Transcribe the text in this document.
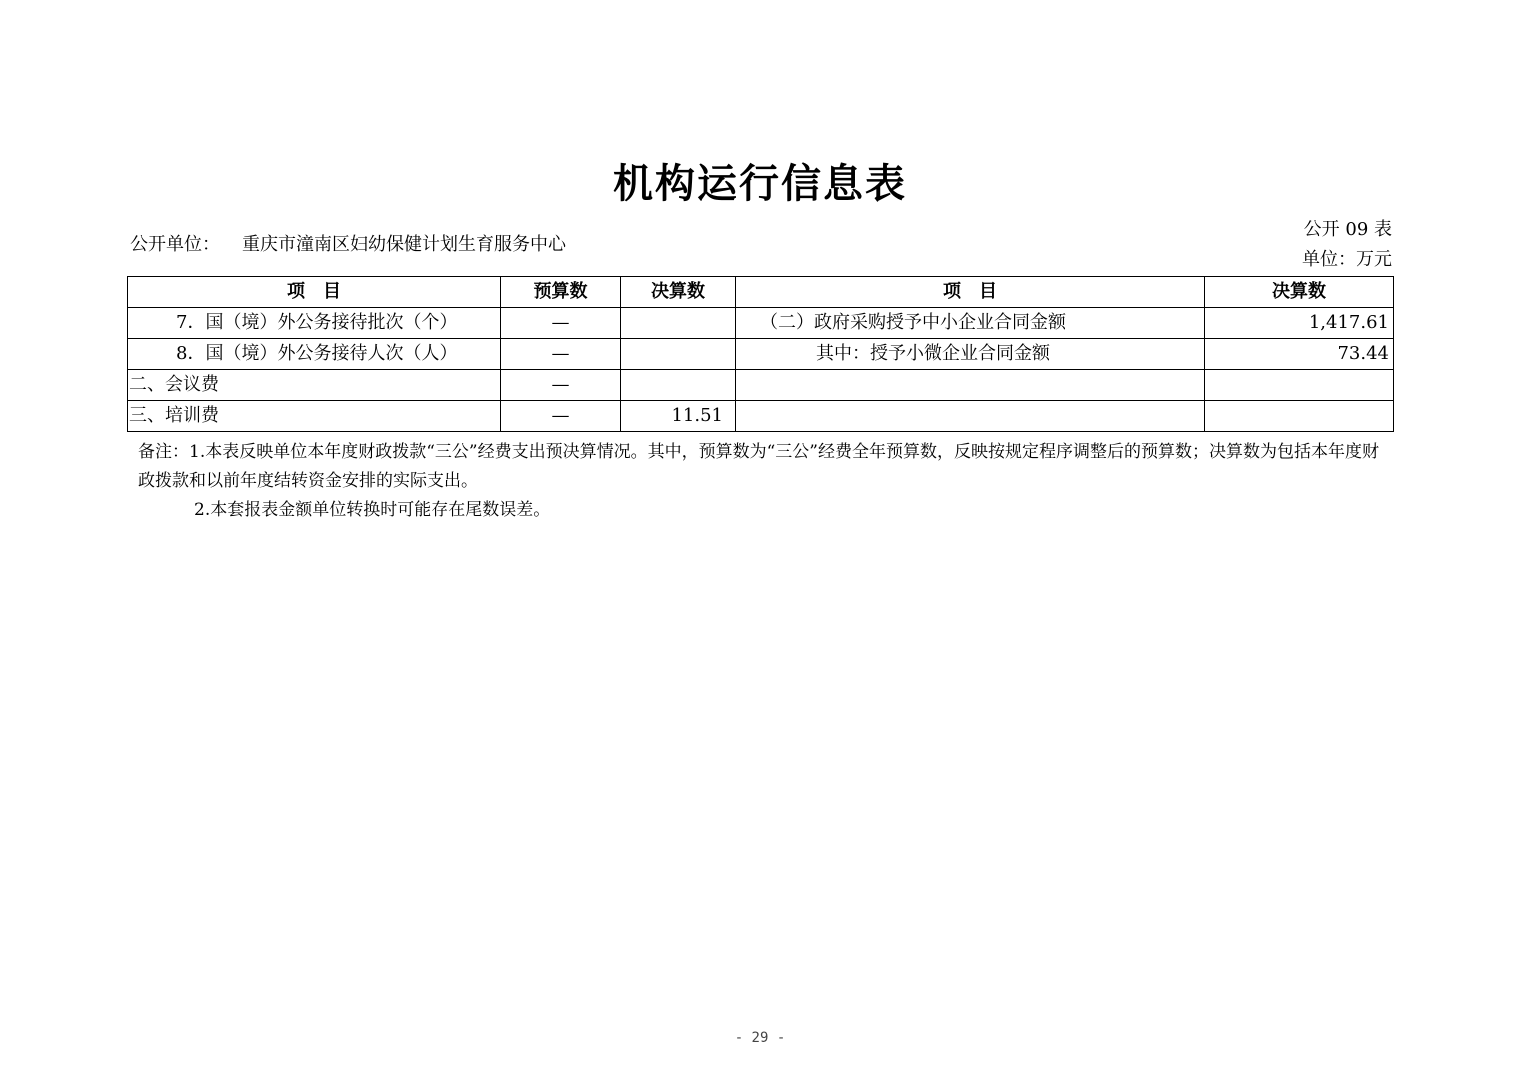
机构运行信息表
公开单位： 重庆市潼南区妇幼保健计划生育服务中心
公开 09 表
单位：万元
项　目	预算数	决算数	项　目	决算数
7．国（境）外公务接待批次（个）	—		（二）政府采购授予中小企业合同金额	1,417.61
8．国（境）外公务接待人次（人）	—		其中：授予小微企业合同金额	73.44
二、会议费	—			
三、培训费	—	11.51		

备注：1.本表反映单位本年度财政拨款“三公”经费支出预决算情况。其中，预算数为“三公”经费全年预算数，反映按规定程序调整后的预算数；决算数为包括本年度财政拨款和以前年度结转资金安排的实际支出。

2.本套报表金额单位转换时可能存在尾数误差。

- 29 -
